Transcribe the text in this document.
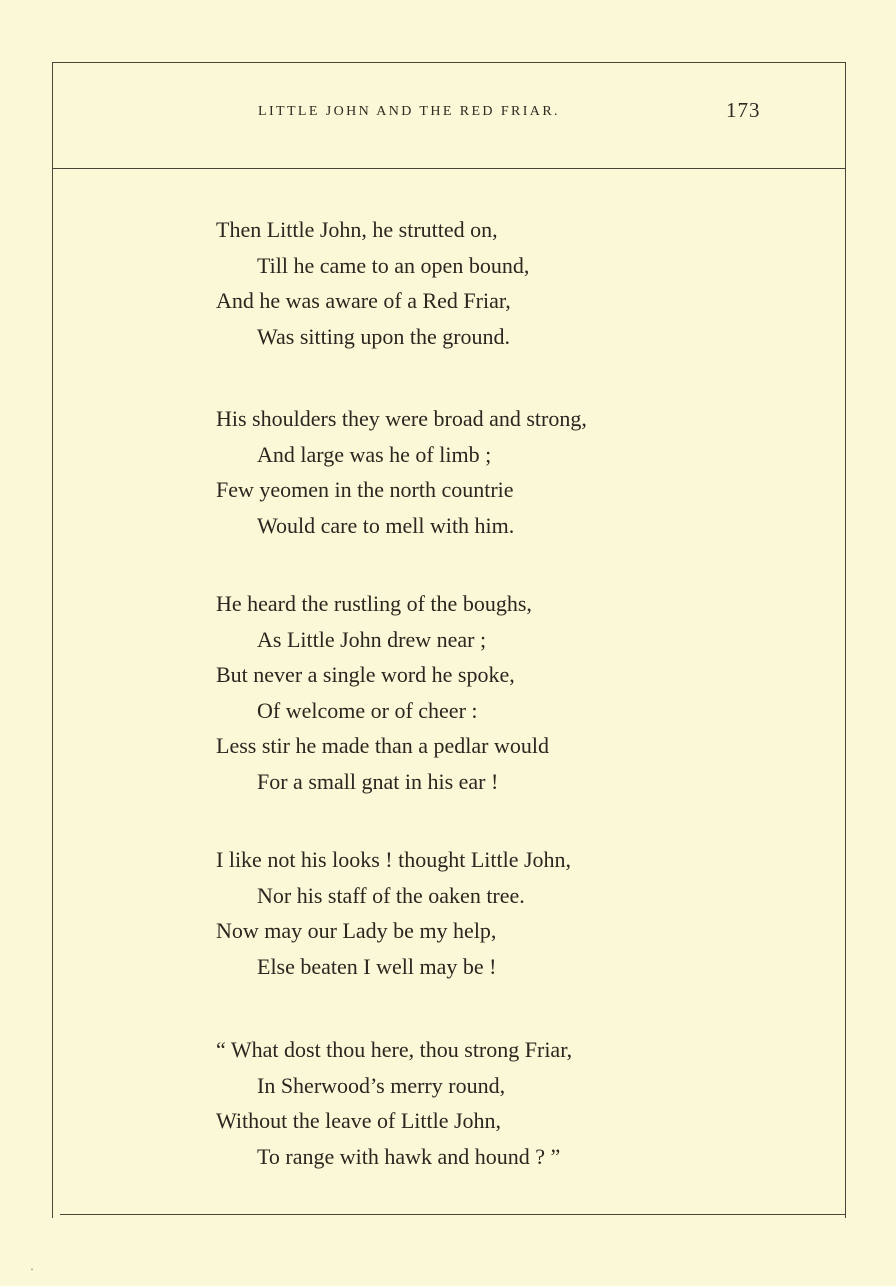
LITTLE JOHN AND THE RED FRIAR.	173
Then Little John, he strutted on,
Till he came to an open bound,
And he was aware of a Red Friar,
Was sitting upon the ground.
His shoulders they were broad and strong,
And large was he of limb ;
Few yeomen in the north countrie
Would care to mell with him.
He heard the rustling of the boughs,
As Little John drew near ;
But never a single word he spoke,
Of welcome or of cheer :
Less stir he made than a pedlar would
For a small gnat in his ear !
I like not his looks ! thought Little John,
Nor his staff of the oaken tree.
Now may our Lady be my help,
Else beaten I well may be !
“ What dost thou here, thou strong Friar,
In Sherwood’s merry round,
Without the leave of Little John,
To range with hawk and hound ? ”
·
